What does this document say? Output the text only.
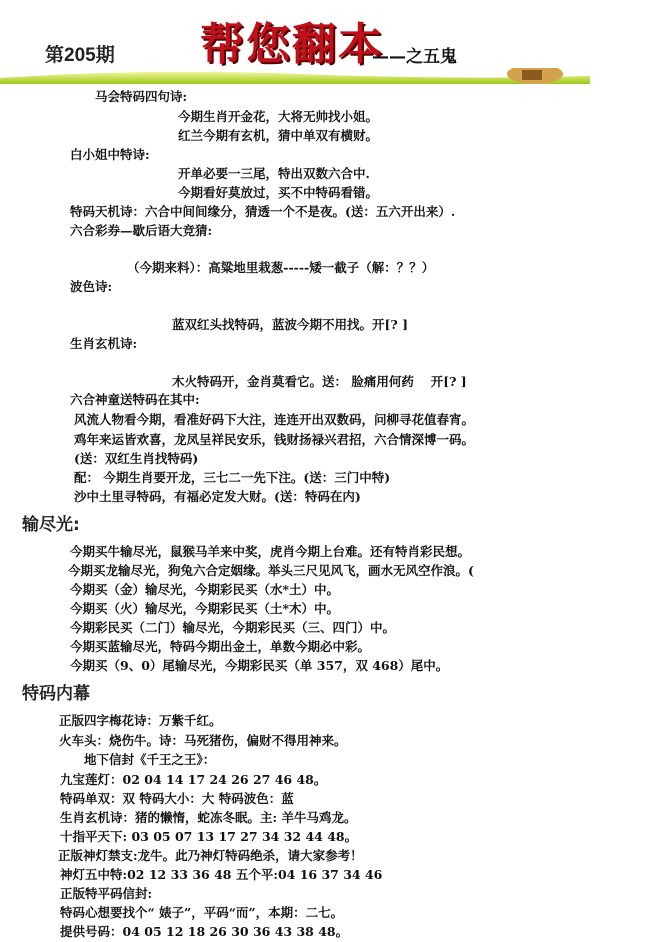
第205期 帮您翻本
——之五鬼
马会特码四句诗:
今期生肖开金花，大将无帅找小姐。
红兰今期有玄机，猜中单双有横财。
白小姐中特诗:
开单必要一三尾，特出双数六合中.
今期看好莫放过，买不中特码看错。
特码天机诗：六合中间间缘分，猜透一个不是夜。(送：五六开出来）.
六合彩券—歇后语大竞猜:
（今期来料）：高粱地里栽葱-----矮一截子（解：？？）
波色诗:
蓝双红头找特码，蓝波今期不用找。开[? ]
生肖玄机诗:
木火特码开，金肖莫看它。送： 脸痛用何药　 开[? ]
六合神童送特码在其中:
风流人物看今期，看准好码下大注，连连开出双数码，问柳寻花值春宵。
鸡年来运皆欢喜，龙凤呈祥民安乐，钱财扬禄兴君招，六合情深博一码。
(送：双红生肖找特码)
配： 今期生肖要开龙，三七二一先下注。(送：三门中特)
沙中土里寻特码，有福必定发大财。(送：特码在内)
输尽光:
今期买牛输尽光，鼠猴马羊来中奖，虎肖今期上台难。还有特肖彩民想。
今期买龙输尽光，狗兔六合定姻缘。举头三尺见风飞，画水无风空作浪。(
今期买（金）输尽光，今期彩民买（水*土）中。
今期买（火）输尽光，今期彩民买（土*木）中。
今期彩民买（二门）输尽光，今期彩民买（三、四门）中。
今期买蓝输尽光，特码今期出金土，单数今期必中彩。
今期买（9、0）尾输尽光，今期彩民买（单 357，双 468）尾中。
特码内幕
正版四字梅花诗：万紫千红。
火车头：烧伤牛。诗：马死猪伤，偏财不得用神来。
地下信封《千王之王》：
九宝莲灯：02 04 14 17 24 26 27 46 48。
特码单双：双 特码大小：大 特码波色：蓝
生肖玄机诗：猪的懒惰，蛇冻冬眠。主: 羊牛马鸡龙。
十指平天下: 03 05 07 13 17 27 34 32 44 48。
正版神灯禁支:龙牛。此乃神灯特码绝杀，请大家参考！
神灯五中特:02 12 33 36 48 五个平:04 16 37 34 46
正版特平码信封:
特码心想要找个“ 婊子”，平码“而”，本期：二七。
提供号码：04 05 12 18 26 30 36 43 38 48。
